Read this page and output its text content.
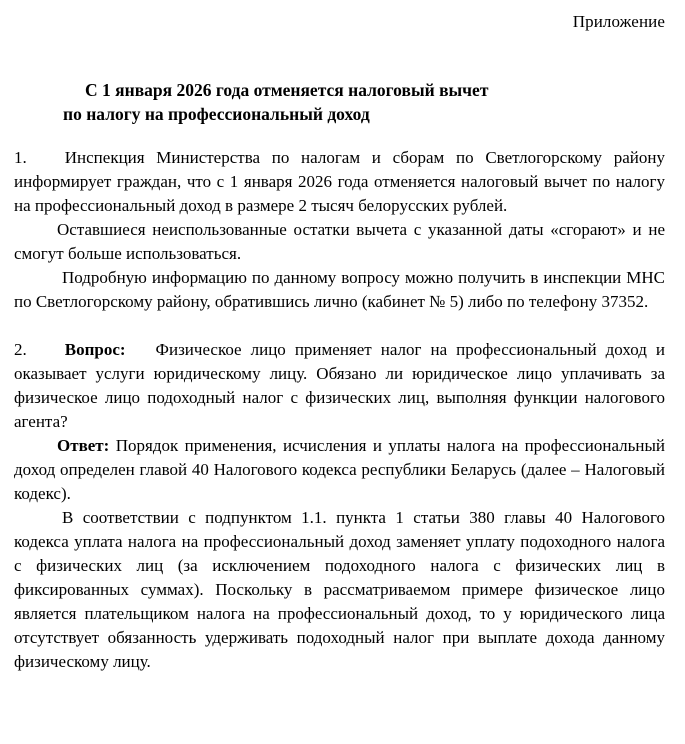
Приложение
С 1 января 2026 года отменяется налоговый вычет
по налогу на профессиональный доход

1. Инспекция Министерства по налогам и сборам по Светлогорскому району информирует граждан, что с 1 января 2026 года отменяется налоговый вычет по налогу на профессиональный доход в размере 2 тысяч белорусских рублей.

Оставшиеся неиспользованные остатки вычета с указанной даты «сгорают» и не смогут больше использоваться.

Подробную информацию по данному вопросу можно получить в инспекции МНС по Светлогорскому району, обратившись лично (кабинет № 5) либо по телефону 37352.

2. Вопрос: Физическое лицо применяет налог на профессиональный доход и оказывает услуги юридическому лицу. Обязано ли юридическое лицо уплачивать за физическое лицо подоходный налог с физических лиц, выполняя функции налогового агента?

Ответ: Порядок применения, исчисления и уплаты налога на профессиональный доход определен главой 40 Налогового кодекса республики Беларусь (далее – Налоговый кодекс).

В соответствии с подпунктом 1.1. пункта 1 статьи 380 главы 40 Налогового кодекса уплата налога на профессиональный доход заменяет уплату подоходного налога с физических лиц (за исключением подоходного налога с физических лиц в фиксированных суммах). Поскольку в рассматриваемом примере физическое лицо является плательщиком налога на профессиональный доход, то у юридического лица отсутствует обязанность удерживать подоходный налог при выплате дохода данному физическому лицу.
